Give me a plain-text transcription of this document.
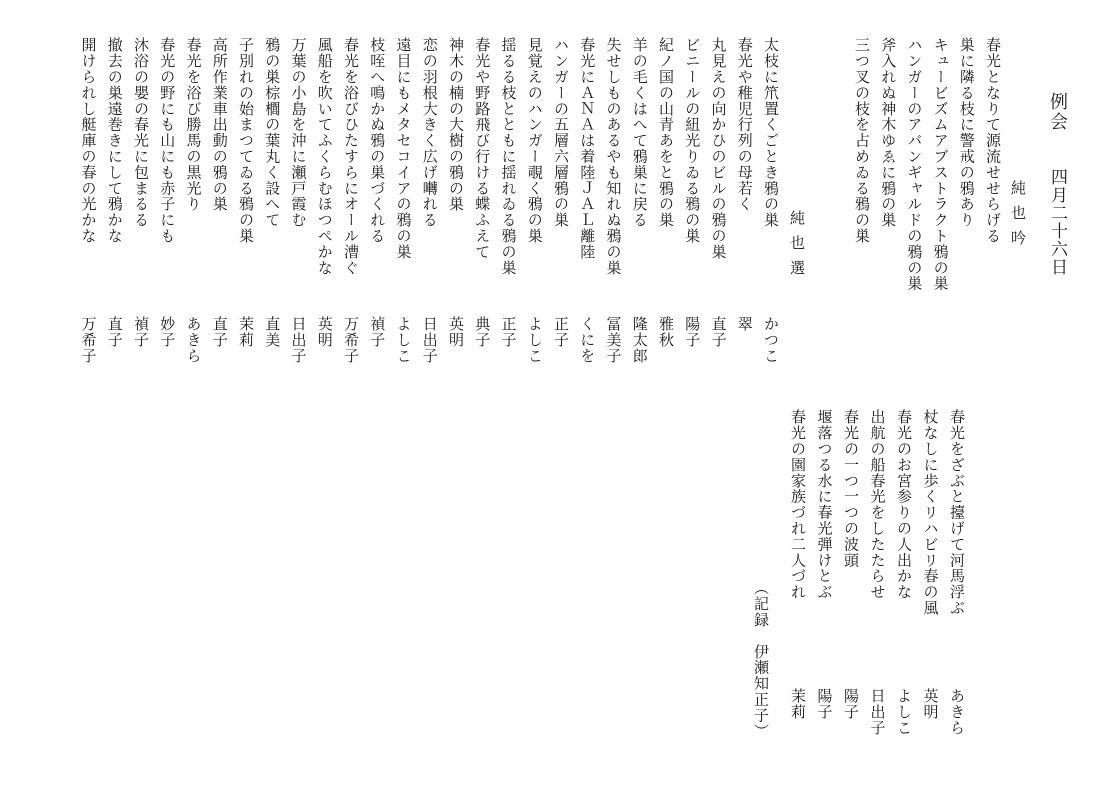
例会
四月二十六日
純也吟
春光となりて源流せせらげる
巣に隣る枝に警戒の鴉あり
キュービズムアブストラクト鴉の巣
ハンガーのアバンギャルドの鴉の巣
斧入れぬ神木ゆゑに鴉の巣
三つ叉の枝を占めゐる鴉の巣
純也選
太枝に笊置くごとき鴉の巣
かつこ
春光や稚児行列の母若く
翠
丸見えの向かひのビルの鴉の巣
直子
ビニールの紐光りゐる鴉の巣
陽子
紀ノ国の山青あをと鴉の巣
雅秋
羊の毛くはへて鴉巣に戻る
隆太郎
失せしものあるやも知れぬ鴉の巣
冨美子
春光にＡＮＡは着陸ＪＡＬ離陸
くにを
ハンガーの五層六層鴉の巣
正子
見覚えのハンガー覗く鴉の巣
よしこ
揺るる枝とともに揺れゐる鴉の巣
正子
春光や野路飛び行ける蝶ふえて
典子
神木の楠の大樹の鴉の巣
英明
恋の羽根大きく広げ囀れる
日出子
遠目にもメタセコイアの鴉の巣
よしこ
枝咥へ鳴かぬ鴉の巣づくれる
禎子
春光を浴びひたすらにオール漕ぐ
万希子
風船を吹いてふくらむほつぺかな
英明
万葉の小島を沖に瀬戸霞む
日出子
鴉の巣棕櫚の葉丸く設へて
直美
子別れの始まつてゐる鴉の巣
茉莉
高所作業車出動の鴉の巣
直子
春光を浴び勝馬の黒光り
あきら
春光の野にも山にも赤子にも
妙子
沐浴の嬰の春光に包まるる
禎子
撤去の巣遠巻きにして鴉かな
直子
開けられし艇庫の春の光かな
万希子
（記録　伊瀬知正子）
春光をざぶと擡げて河馬浮ぶ
あきら
杖なしに歩くリハビリ春の風
英明
春光のお宮参りの人出かな
よしこ
出航の船春光をしたたらせ
日出子
春光の一つ一つの波頭
陽子
堰落つる水に春光弾けとぶ
陽子
春光の園家族づれ二人づれ
茉莉
